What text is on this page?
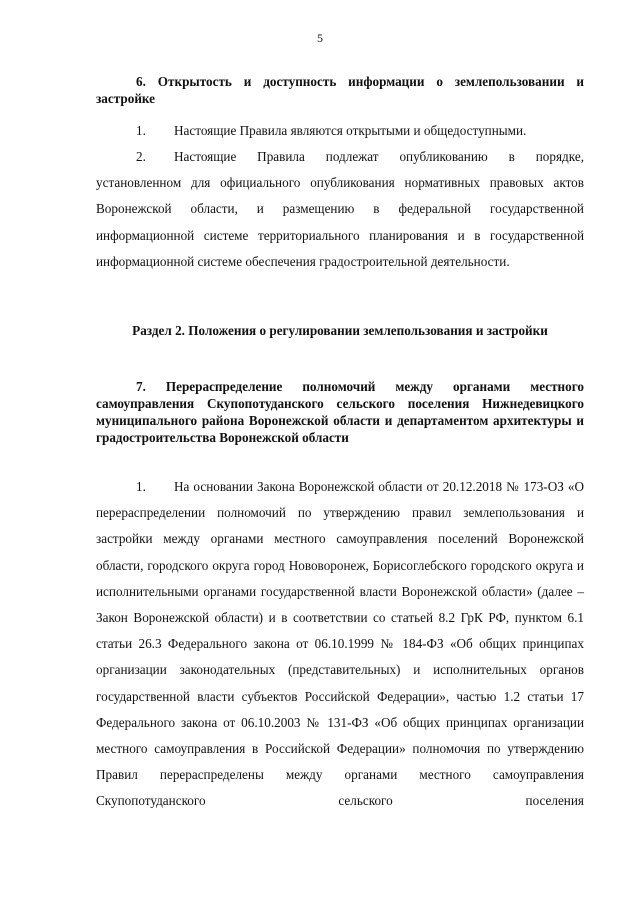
5
6. Открытость и доступность информации о землепользовании и застройке
1. Настоящие Правила являются открытыми и общедоступными.
2. Настоящие Правила подлежат опубликованию в порядке, установленном для официального опубликования нормативных правовых актов Воронежской области, и размещению в федеральной государственной информационной системе территориального планирования и в государственной информационной системе обеспечения градостроительной деятельности.
Раздел 2. Положения о регулировании землепользования и застройки
7. Перераспределение полномочий между органами местного самоуправления Скупопотуданского сельского поселения Нижнедевицкого муниципального района Воронежской области и департаментом архитектуры и градостроительства Воронежской области
1. На основании Закона Воронежской области от 20.12.2018 № 173-ОЗ «О перераспределении полномочий по утверждению правил землепользования и застройки между органами местного самоуправления поселений Воронежской области, городского округа город Нововоронеж, Борисоглебского городского округа и исполнительными органами государственной власти Воронежской области» (далее – Закон Воронежской области) и в соответствии со статьей 8.2 ГрК РФ, пунктом 6.1 статьи 26.3 Федерального закона от 06.10.1999 № 184-ФЗ «Об общих принципах организации законодательных (представительных) и исполнительных органов государственной власти субъектов Российской Федерации», частью 1.2 статьи 17 Федерального закона от 06.10.2003 № 131-ФЗ «Об общих принципах организации местного самоуправления в Российской Федерации» полномочия по утверждению Правил перераспределены между органами местного самоуправления Скупопотуданского сельского поселения
